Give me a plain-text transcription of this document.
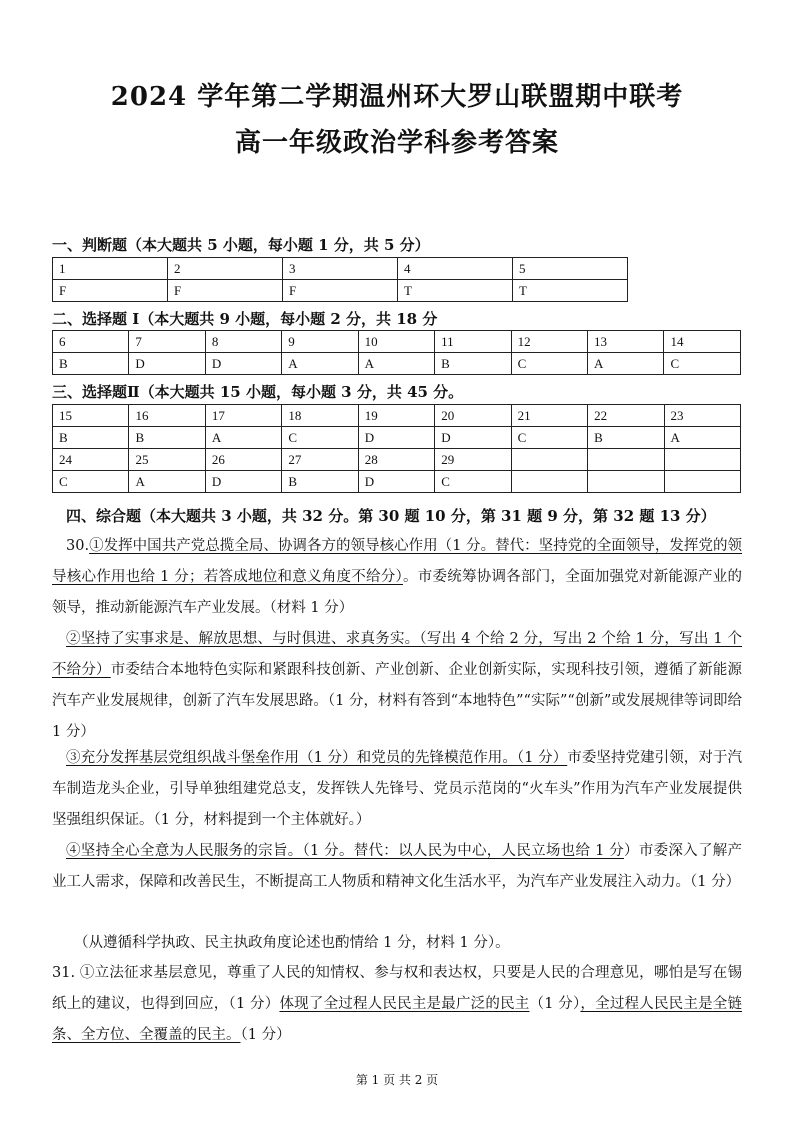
2024 学年第二学期温州环大罗山联盟期中联考
高一年级政治学科参考答案
一、判断题（本大题共 5 小题，每小题 1 分，共 5 分）
1	2	3	4	5
F	F	F	T	T
二、选择题 I（本大题共 9 小题，每小题 2 分，共 18 分
6	7	8	9	10	11	12	13	14
B	D	D	A	A	B	C	A	C
三、选择题Ⅱ（本大题共 15 小题，每小题 3 分，共 45 分。
15	16	17	18	19	20	21	22	23
B	B	A	C	D	D	C	B	A
24	25	26	27	28	29			
C	A	D	B	D	C			
四、综合题（本大题共 3 小题，共 32 分。第 30 题 10 分，第 31 题 9 分，第 32 题 13 分）
30.①发挥中国共产党总揽全局、协调各方的领导核心作用（1 分。替代：坚持党的全面领导，发挥党的领导核心作用也给 1 分；若答成地位和意义角度不给分）。市委统筹协调各部门，全面加强党对新能源产业的领导，推动新能源汽车产业发展。（材料 1 分）
②坚持了实事求是、解放思想、与时俱进、求真务实。（写出 4 个给 2 分，写出 2 个给 1 分，写出 1 个不给分）市委结合本地特色实际和紧跟科技创新、产业创新、企业创新实际，实现科技引领，遵循了新能源汽车产业发展规律，创新了汽车发展思路。（1 分，材料有答到“本地特色”“实际”“创新”或发展规律等词即给 1 分）
③充分发挥基层党组织战斗堡垒作用（1 分）和党员的先锋模范作用。（1 分）市委坚持党建引领，对于汽车制造龙头企业，引导单独组建党总支，发挥铁人先锋号、党员示范岗的“火车头”作用为汽车产业发展提供坚强组织保证。（1 分，材料提到一个主体就好。）
④坚持全心全意为人民服务的宗旨。（1 分。替代：以人民为中心，人民立场也给 1 分）市委深入了解产业工人需求，保障和改善民生，不断提高工人物质和精神文化生活水平，为汽车产业发展注入动力。（1 分）
（从遵循科学执政、民主执政角度论述也酌情给 1 分，材料 1 分）。
31. ①立法征求基层意见，尊重了人民的知情权、参与权和表达权，只要是人民的合理意见，哪怕是写在锡纸上的建议，也得到回应，（1 分）体现了全过程人民民主是最广泛的民主（1 分），全过程人民民主是全链条、全方位、全覆盖的民主。（1 分）
第 1 页 共 2 页
